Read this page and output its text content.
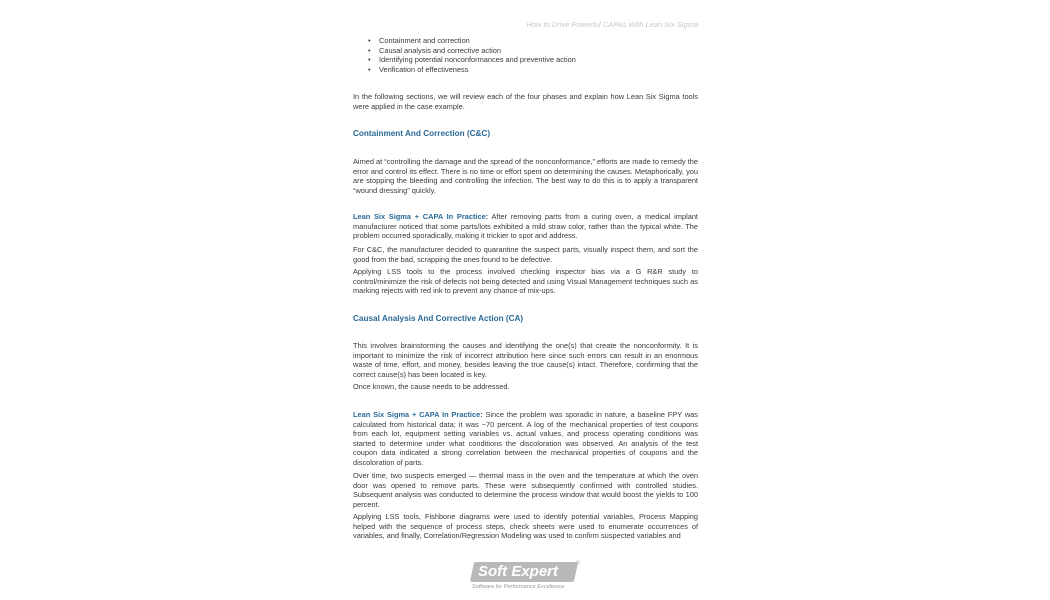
How to Drive Powerful CAPAs With Lean Six Sigma
• Containment and correction
• Causal analysis and corrective action
• Identifying potential nonconformances and preventive action
• Verification of effectiveness

In the following sections, we will review each of the four phases and explain how Lean Six Sigma tools were applied in the case example.

Containment And Correction (C&C)

Aimed at “controlling the damage and the spread of the nonconformance,” efforts are made to remedy the error and control its effect. There is no time or effort spent on determining the causes. Metaphorically, you are stopping the bleeding and controlling the infection. The best way to do this is to apply a transparent “wound dressing” quickly.

Lean Six Sigma + CAPA In Practice: After removing parts from a curing oven, a medical implant manufacturer noticed that some parts/lots exhibited a mild straw color, rather than the typical white. The problem occurred sporadically, making it trickier to spot and address.

For C&C, the manufacturer decided to quarantine the suspect parts, visually inspect them, and sort the good from the bad, scrapping the ones found to be defective.

Applying LSS tools to the process involved checking inspector bias via a G R&R study to control/minimize the risk of defects not being detected and using Visual Management techniques such as marking rejects with red ink to prevent any chance of mix-ups.

Causal Analysis And Corrective Action (CA)

This involves brainstorming the causes and identifying the one(s) that create the nonconformity. It is important to minimize the risk of incorrect attribution here since such errors can result in an enormous waste of time, effort, and money, besides leaving the true cause(s) intact. Therefore, confirming that the correct cause(s) has been located is key.

Once known, the cause needs to be addressed.

Lean Six Sigma + CAPA In Practice: Since the problem was sporadic in nature, a baseline FPY was calculated from historical data; it was ~70 percent. A log of the mechanical properties of test coupons from each lot, equipment setting variables vs. actual values, and process operating conditions was started to determine under what conditions the discoloration was observed. An analysis of the test coupon data indicated a strong correlation between the mechanical properties of coupons and the discoloration of parts.

Over time, two suspects emerged — thermal mass in the oven and the temperature at which the oven door was opened to remove parts. These were subsequently confirmed with controlled studies. Subsequent analysis was conducted to determine the process window that would boost the yields to 100 percent.

Applying LSS tools, Fishbone diagrams were used to identify potential variables, Process Mapping helped with the sequence of process steps, check sheets were used to enumerate occurrences of variables, and finally, Correlation/Regression Modeling was used to confirm suspected variables and

Soft Expert	®
Software for Performance Excellence
